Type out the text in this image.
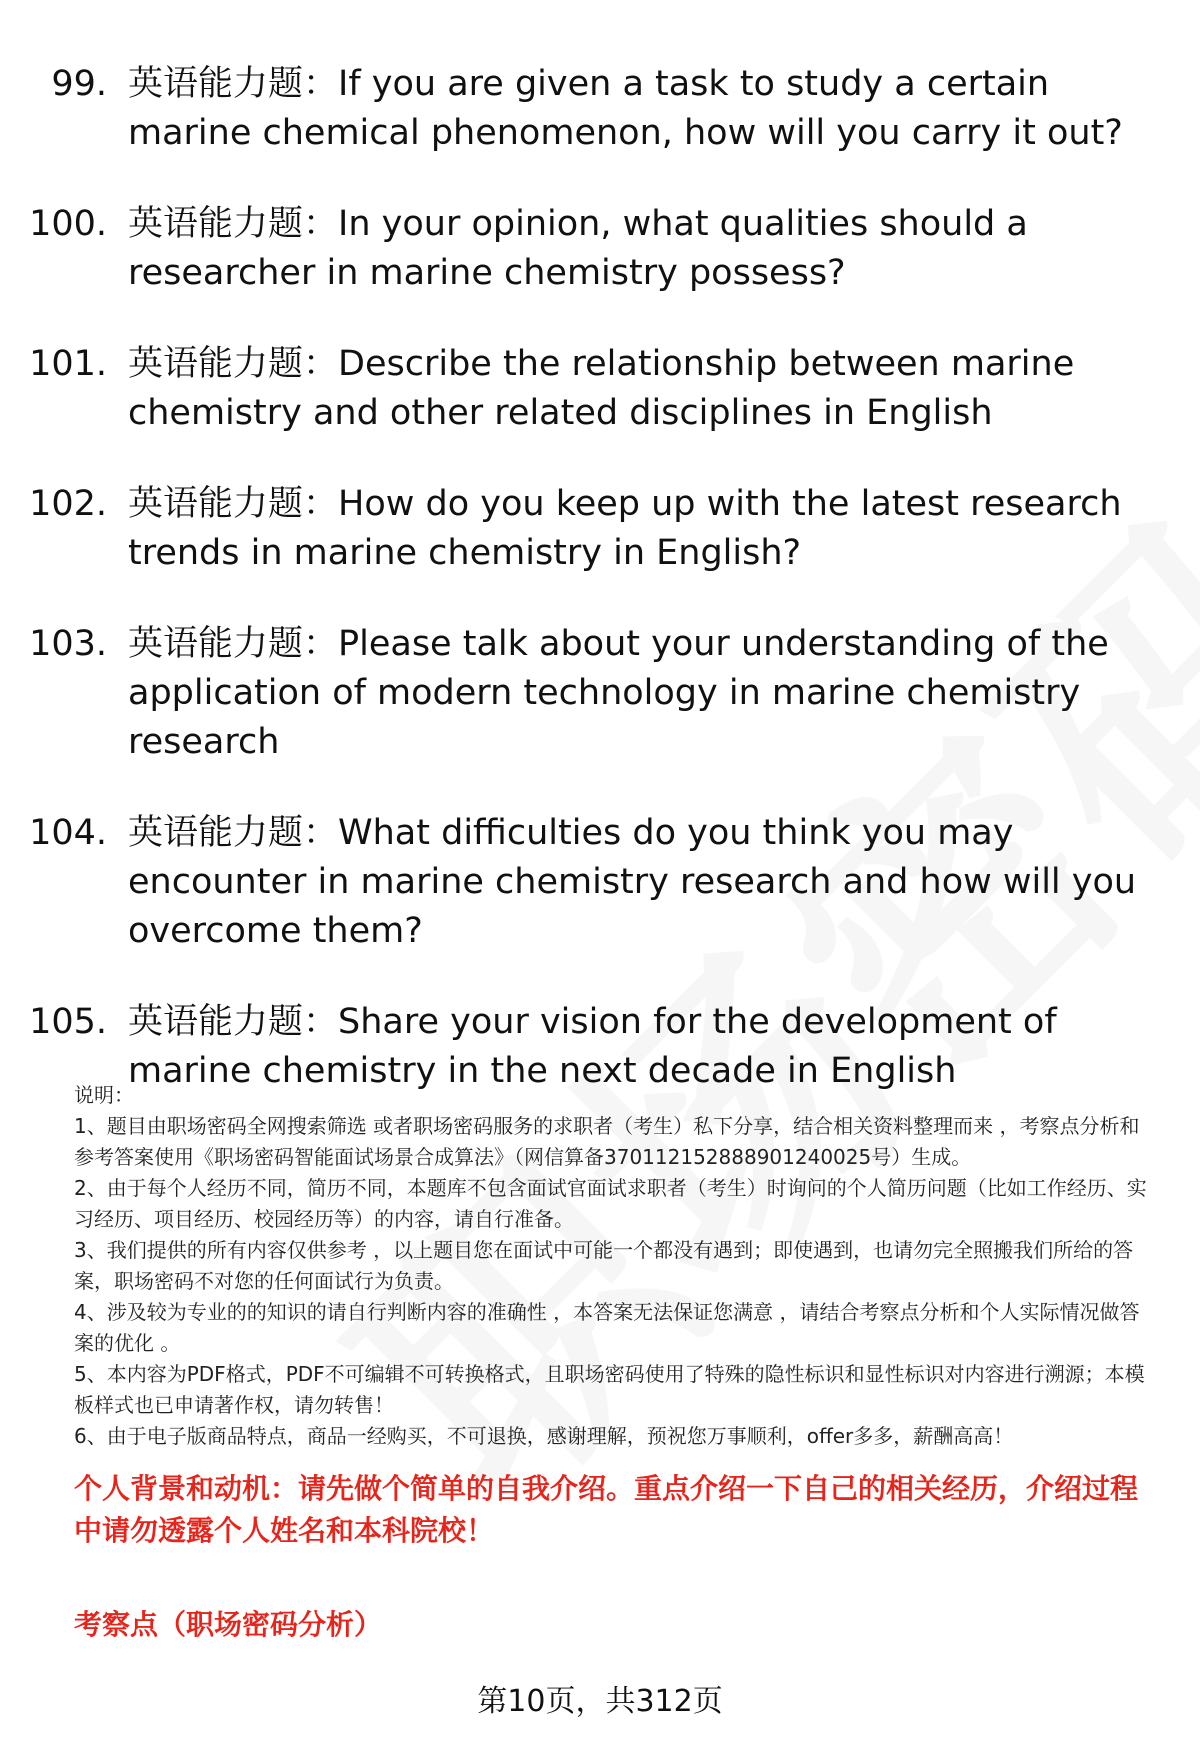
99. 英语能力题：If you are given a task to study a certain marine chemical phenomenon, how will you carry it out?
100. 英语能力题：In your opinion, what qualities should a researcher in marine chemistry possess?
101. 英语能力题：Describe the relationship between marine chemistry and other related disciplines in English
102. 英语能力题：How do you keep up with the latest research trends in marine chemistry in English?
103. 英语能力题：Please talk about your understanding of the application of modern technology in marine chemistry research
104. 英语能力题：What difficulties do you think you may encounter in marine chemistry research and how will you overcome them?
105. 英语能力题：Share your vision for the development of marine chemistry in the next decade in English

说明：

1、题目由职场密码全网搜索筛选 或者职场密码服务的求职者（考生）私下分享，结合相关资料整理而来 ，考察点分析和参考答案使用《职场密码智能面试场景合成算法》（网信算备370112152888901240025号）生成。

2、由于每个人经历不同，简历不同，本题库不包含面试官面试求职者（考生）时询问的个人简历问题（比如工作经历、实习经历、项目经历、校园经历等）的内容，请自行准备。

3、我们提供的所有内容仅供参考 ，以上题目您在面试中可能一个都没有遇到；即使遇到，也请勿完全照搬我们所给的答案，职场密码不对您的任何面试行为负责。

4、涉及较为专业的的知识的请自行判断内容的准确性 ，本答案无法保证您满意 ，请结合考察点分析和个人实际情况做答案的优化 。

5、本内容为PDF格式，PDF不可编辑不可转换格式，且职场密码使用了特殊的隐性标识和显性标识对内容进行溯源；本模板样式也已申请著作权，请勿转售！

6、由于电子版商品特点，商品一经购买，不可退换，感谢理解，预祝您万事顺利，offer多多，薪酬高高！

个人背景和动机：请先做个简单的自我介绍。重点介绍一下自己的相关经历，介绍过程中请勿透露个人姓名和本科院校！
考察点（职场密码分析）
第10页，共312页
